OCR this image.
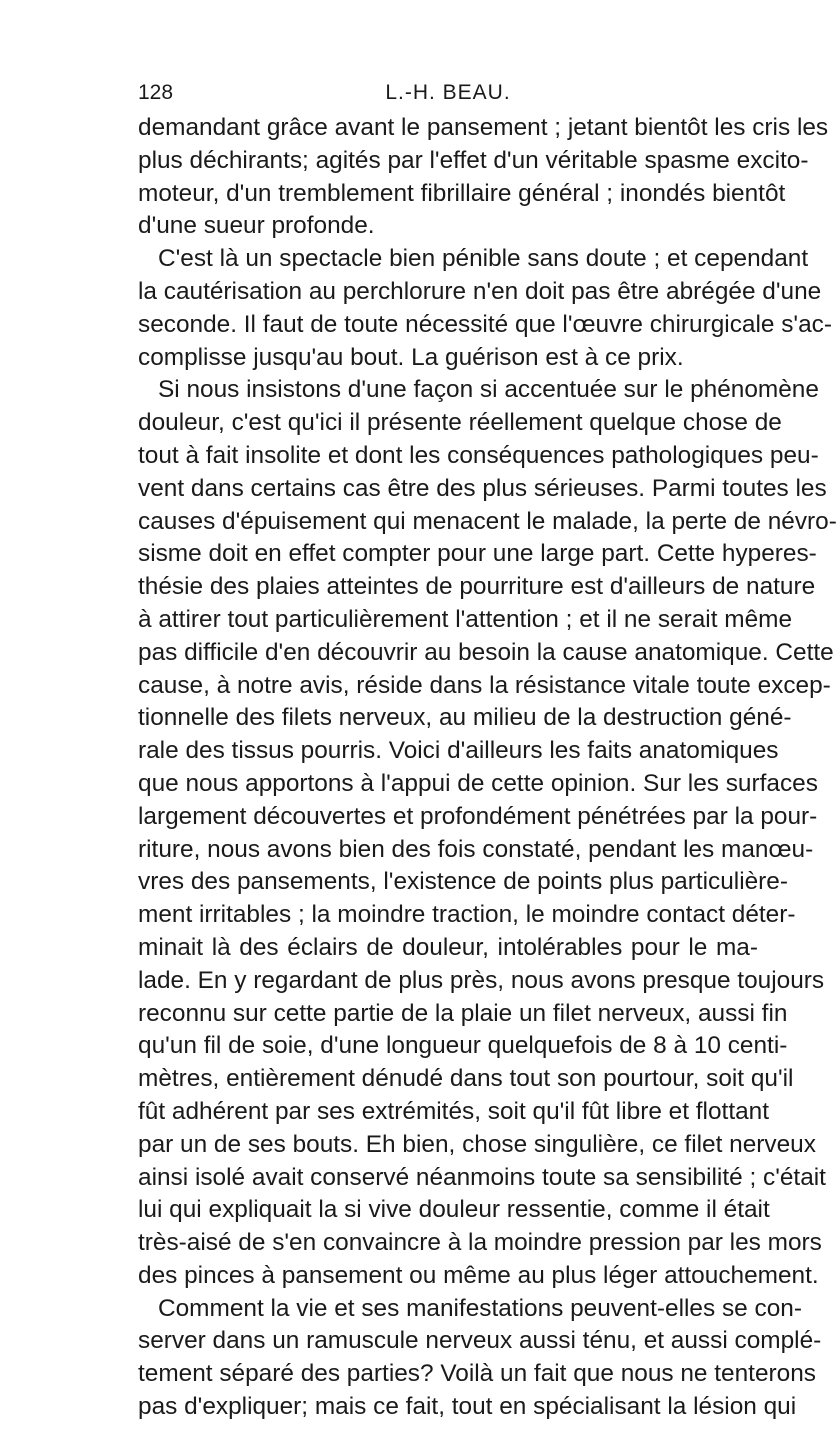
128	L.-H. BEAU.
demandant grâce avant le pansement ; jetant bientôt les cris les
plus déchirants; agités par l'effet d'un véritable spasme excito-
moteur, d'un tremblement fibrillaire général ; inondés bientôt
d'une sueur profonde.
C'est là un spectacle bien pénible sans doute ; et cependant
la cautérisation au perchlorure n'en doit pas être abrégée d'une
seconde. Il faut de toute nécessité que l'œuvre chirurgicale s'ac-
complisse jusqu'au bout. La guérison est à ce prix.
Si nous insistons d'une façon si accentuée sur le phénomène
douleur, c'est qu'ici il présente réellement quelque chose de
tout à fait insolite et dont les conséquences pathologiques peu-
vent dans certains cas être des plus sérieuses. Parmi toutes les
causes d'épuisement qui menacent le malade, la perte de névro-
sisme doit en effet compter pour une large part. Cette hyperes-
thésie des plaies atteintes de pourriture est d'ailleurs de nature
à attirer tout particulièrement l'attention ; et il ne serait même
pas difficile d'en découvrir au besoin la cause anatomique. Cette
cause, à notre avis, réside dans la résistance vitale toute excep-
tionnelle des filets nerveux, au milieu de la destruction géné-
rale des tissus pourris. Voici d'ailleurs les faits anatomiques
que nous apportons à l'appui de cette opinion. Sur les surfaces
largement découvertes et profondément pénétrées par la pour-
riture, nous avons bien des fois constaté, pendant les manœu-
vres des pansements, l'existence de points plus particulière-
ment irritables ; la moindre traction, le moindre contact déter-
minait là des éclairs de douleur, intolérables pour le ma-
lade. En y regardant de plus près, nous avons presque toujours
reconnu sur cette partie de la plaie un filet nerveux, aussi fin
qu'un fil de soie, d'une longueur quelquefois de 8 à 10 centi-
mètres, entièrement dénudé dans tout son pourtour, soit qu'il
fût adhérent par ses extrémités, soit qu'il fût libre et flottant
par un de ses bouts. Eh bien, chose singulière, ce filet nerveux
ainsi isolé avait conservé néanmoins toute sa sensibilité ; c'était
lui qui expliquait la si vive douleur ressentie, comme il était
très-aisé de s'en convaincre à la moindre pression par les mors
des pinces à pansement ou même au plus léger attouchement.
Comment la vie et ses manifestations peuvent-elles se con-
server dans un ramuscule nerveux aussi ténu, et aussi complé-
tement séparé des parties? Voilà un fait que nous ne tenterons
pas d'expliquer; mais ce fait, tout en spécialisant la lésion qui
